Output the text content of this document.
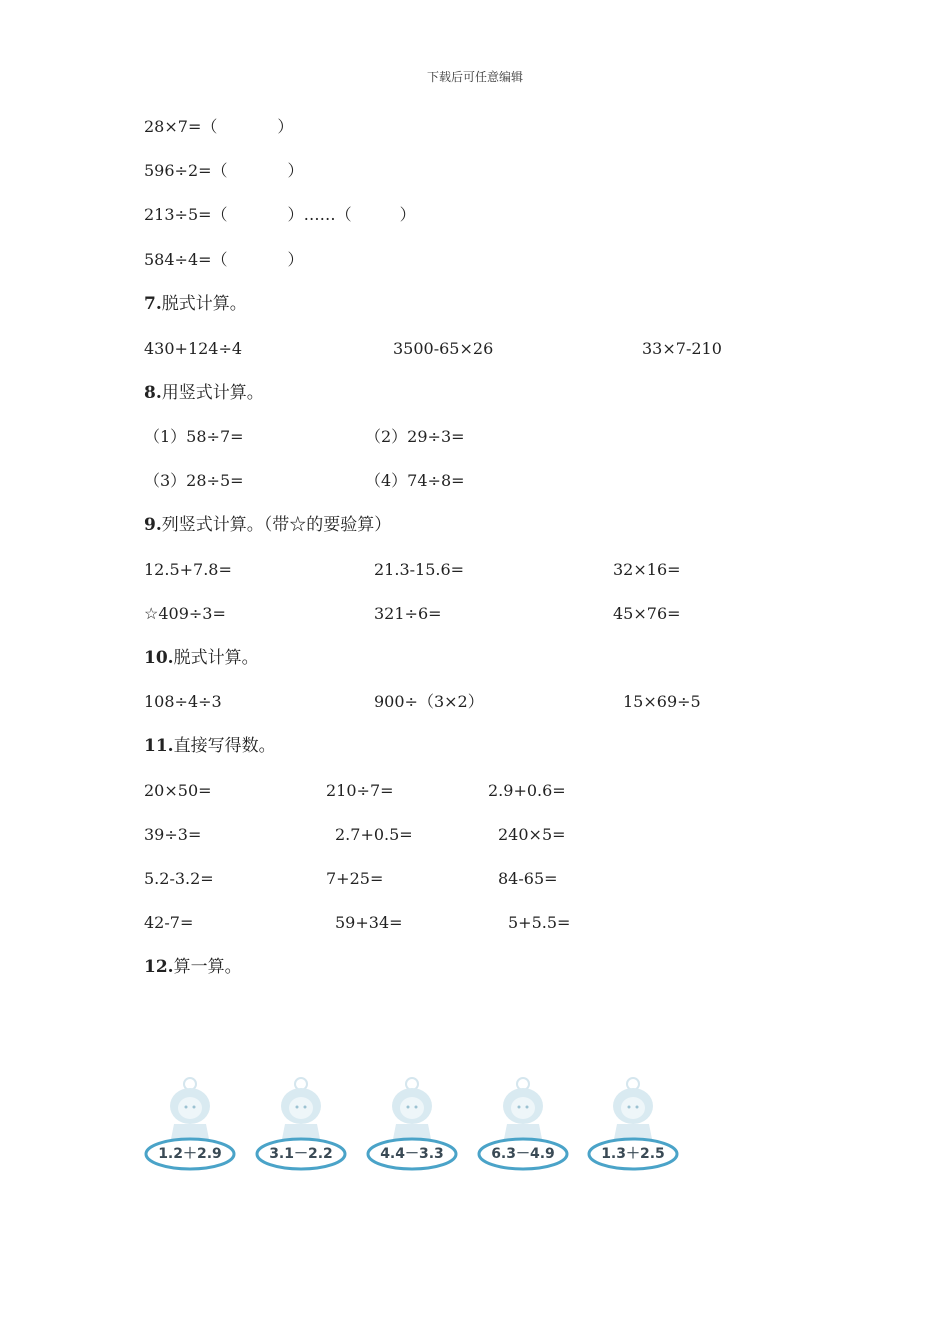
下载后可任意编辑
28×7=（	）
596÷2=（	）
213÷5=（	）……（　　　）
584÷4=（	）
7.脱式计算。
430+124÷4	3500-65×26	33×7-210
8.用竖式计算。
（1）58÷7=	（2）29÷3=
（3）28÷5=	（4）74÷8=
9.列竖式计算。（带☆的要验算）
12.5+7.8=	21.3-15.6=	32×16=
☆409÷3=	321÷6=	45×76=
10.脱式计算。
108÷4÷3	900÷（3×2）	15×69÷5
11.直接写得数。
20×50=	210÷7=	2.9+0.6=
39÷3=	2.7+0.5=	240×5=
5.2-3.2=	7+25=	84-65=
42-7=	59+34=	5+5.5=
12.算一算。
1.2＋2.9	3.1－2.2	4.4－3.3	6.3－4.9	1.3＋2.5
